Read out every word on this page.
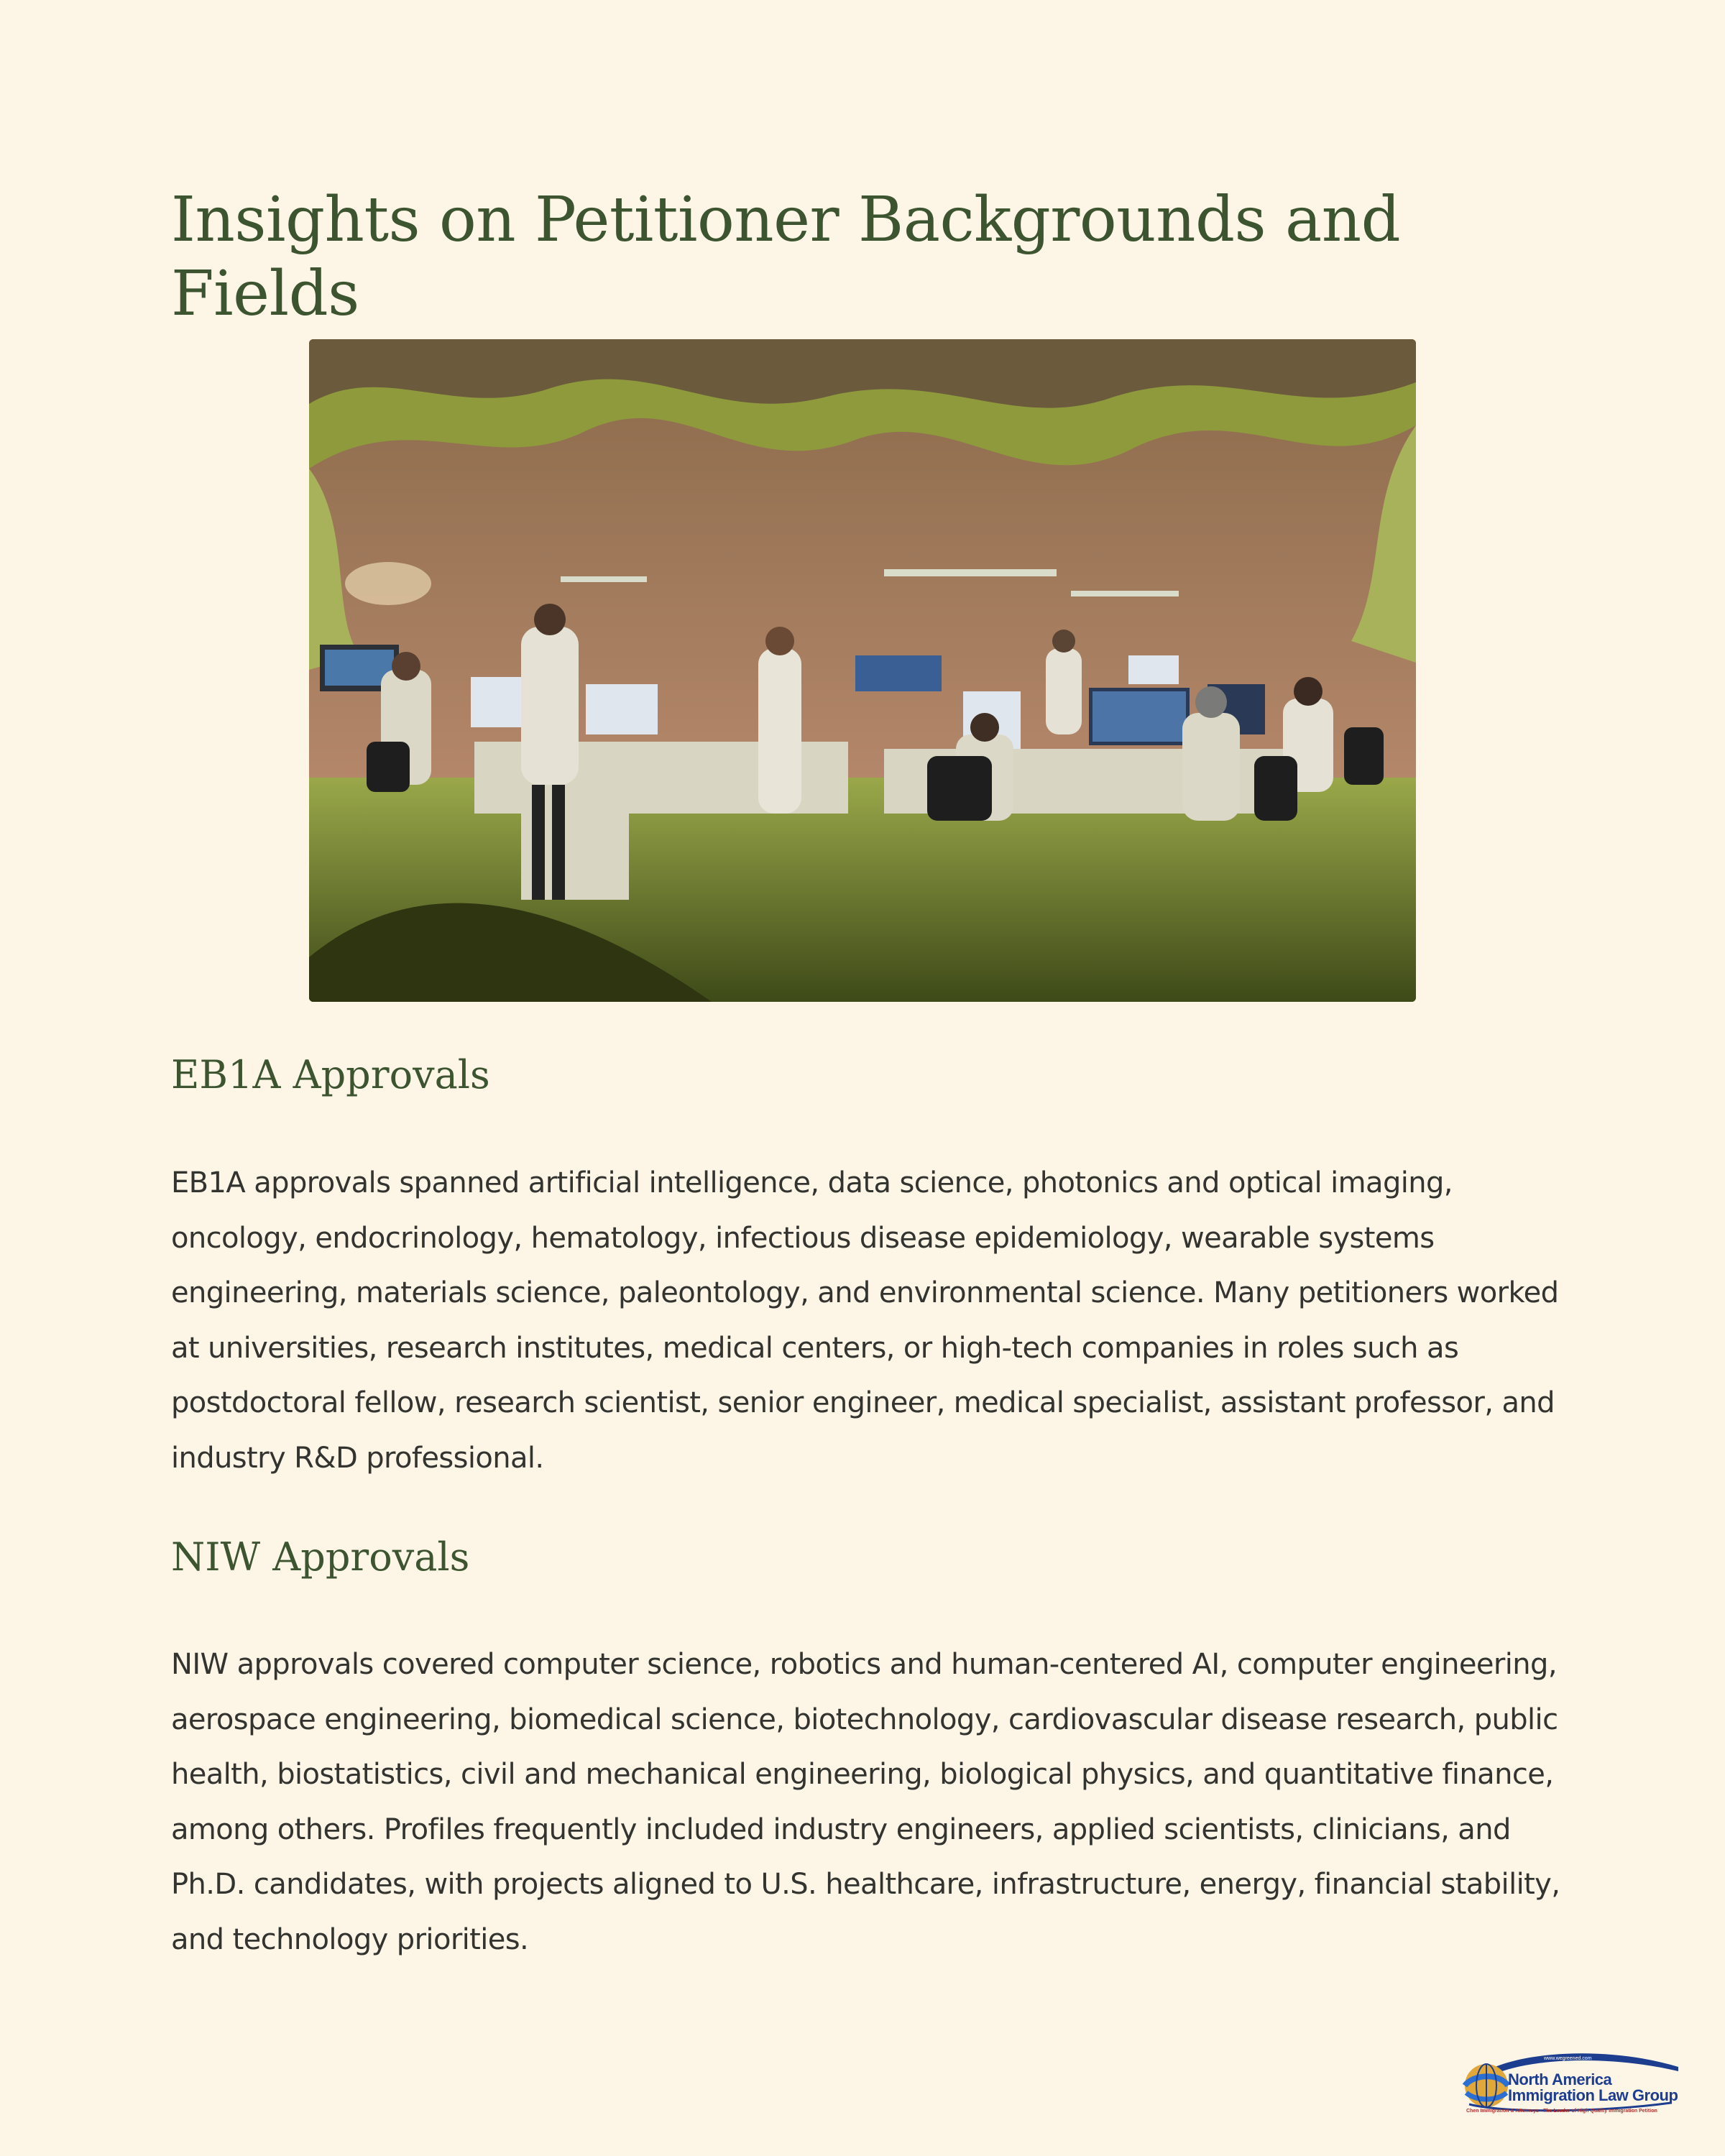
Insights on Petitioner Backgrounds and Fields
EB1A Approvals

EB1A approvals spanned artificial intelligence, data science, photonics and optical imaging, oncology, endocrinology, hematology, infectious disease epidemiology, wearable systems engineering, materials science, paleontology, and environmental science. Many petitioners worked at universities, research institutes, medical centers, or high-tech companies in roles such as postdoctoral fellow, research scientist, senior engineer, medical specialist, assistant professor, and industry R&D professional.

NIW Approvals

NIW approvals covered computer science, robotics and human-centered AI, computer engineering, aerospace engineering, biomedical science, biotechnology, cardiovascular disease research, public health, biostatistics, civil and mechanical engineering, biological physics, and quantitative finance, among others. Profiles frequently included industry engineers, applied scientists, clinicians, and Ph.D. candidates, with projects aligned to U.S. healthcare, infrastructure, energy, financial stability, and technology priorities.

www.wegreened.com
North America
Immigration Law Group
Chen Immigration & Attorneys - The Leader of High Quality Immigration Petition
